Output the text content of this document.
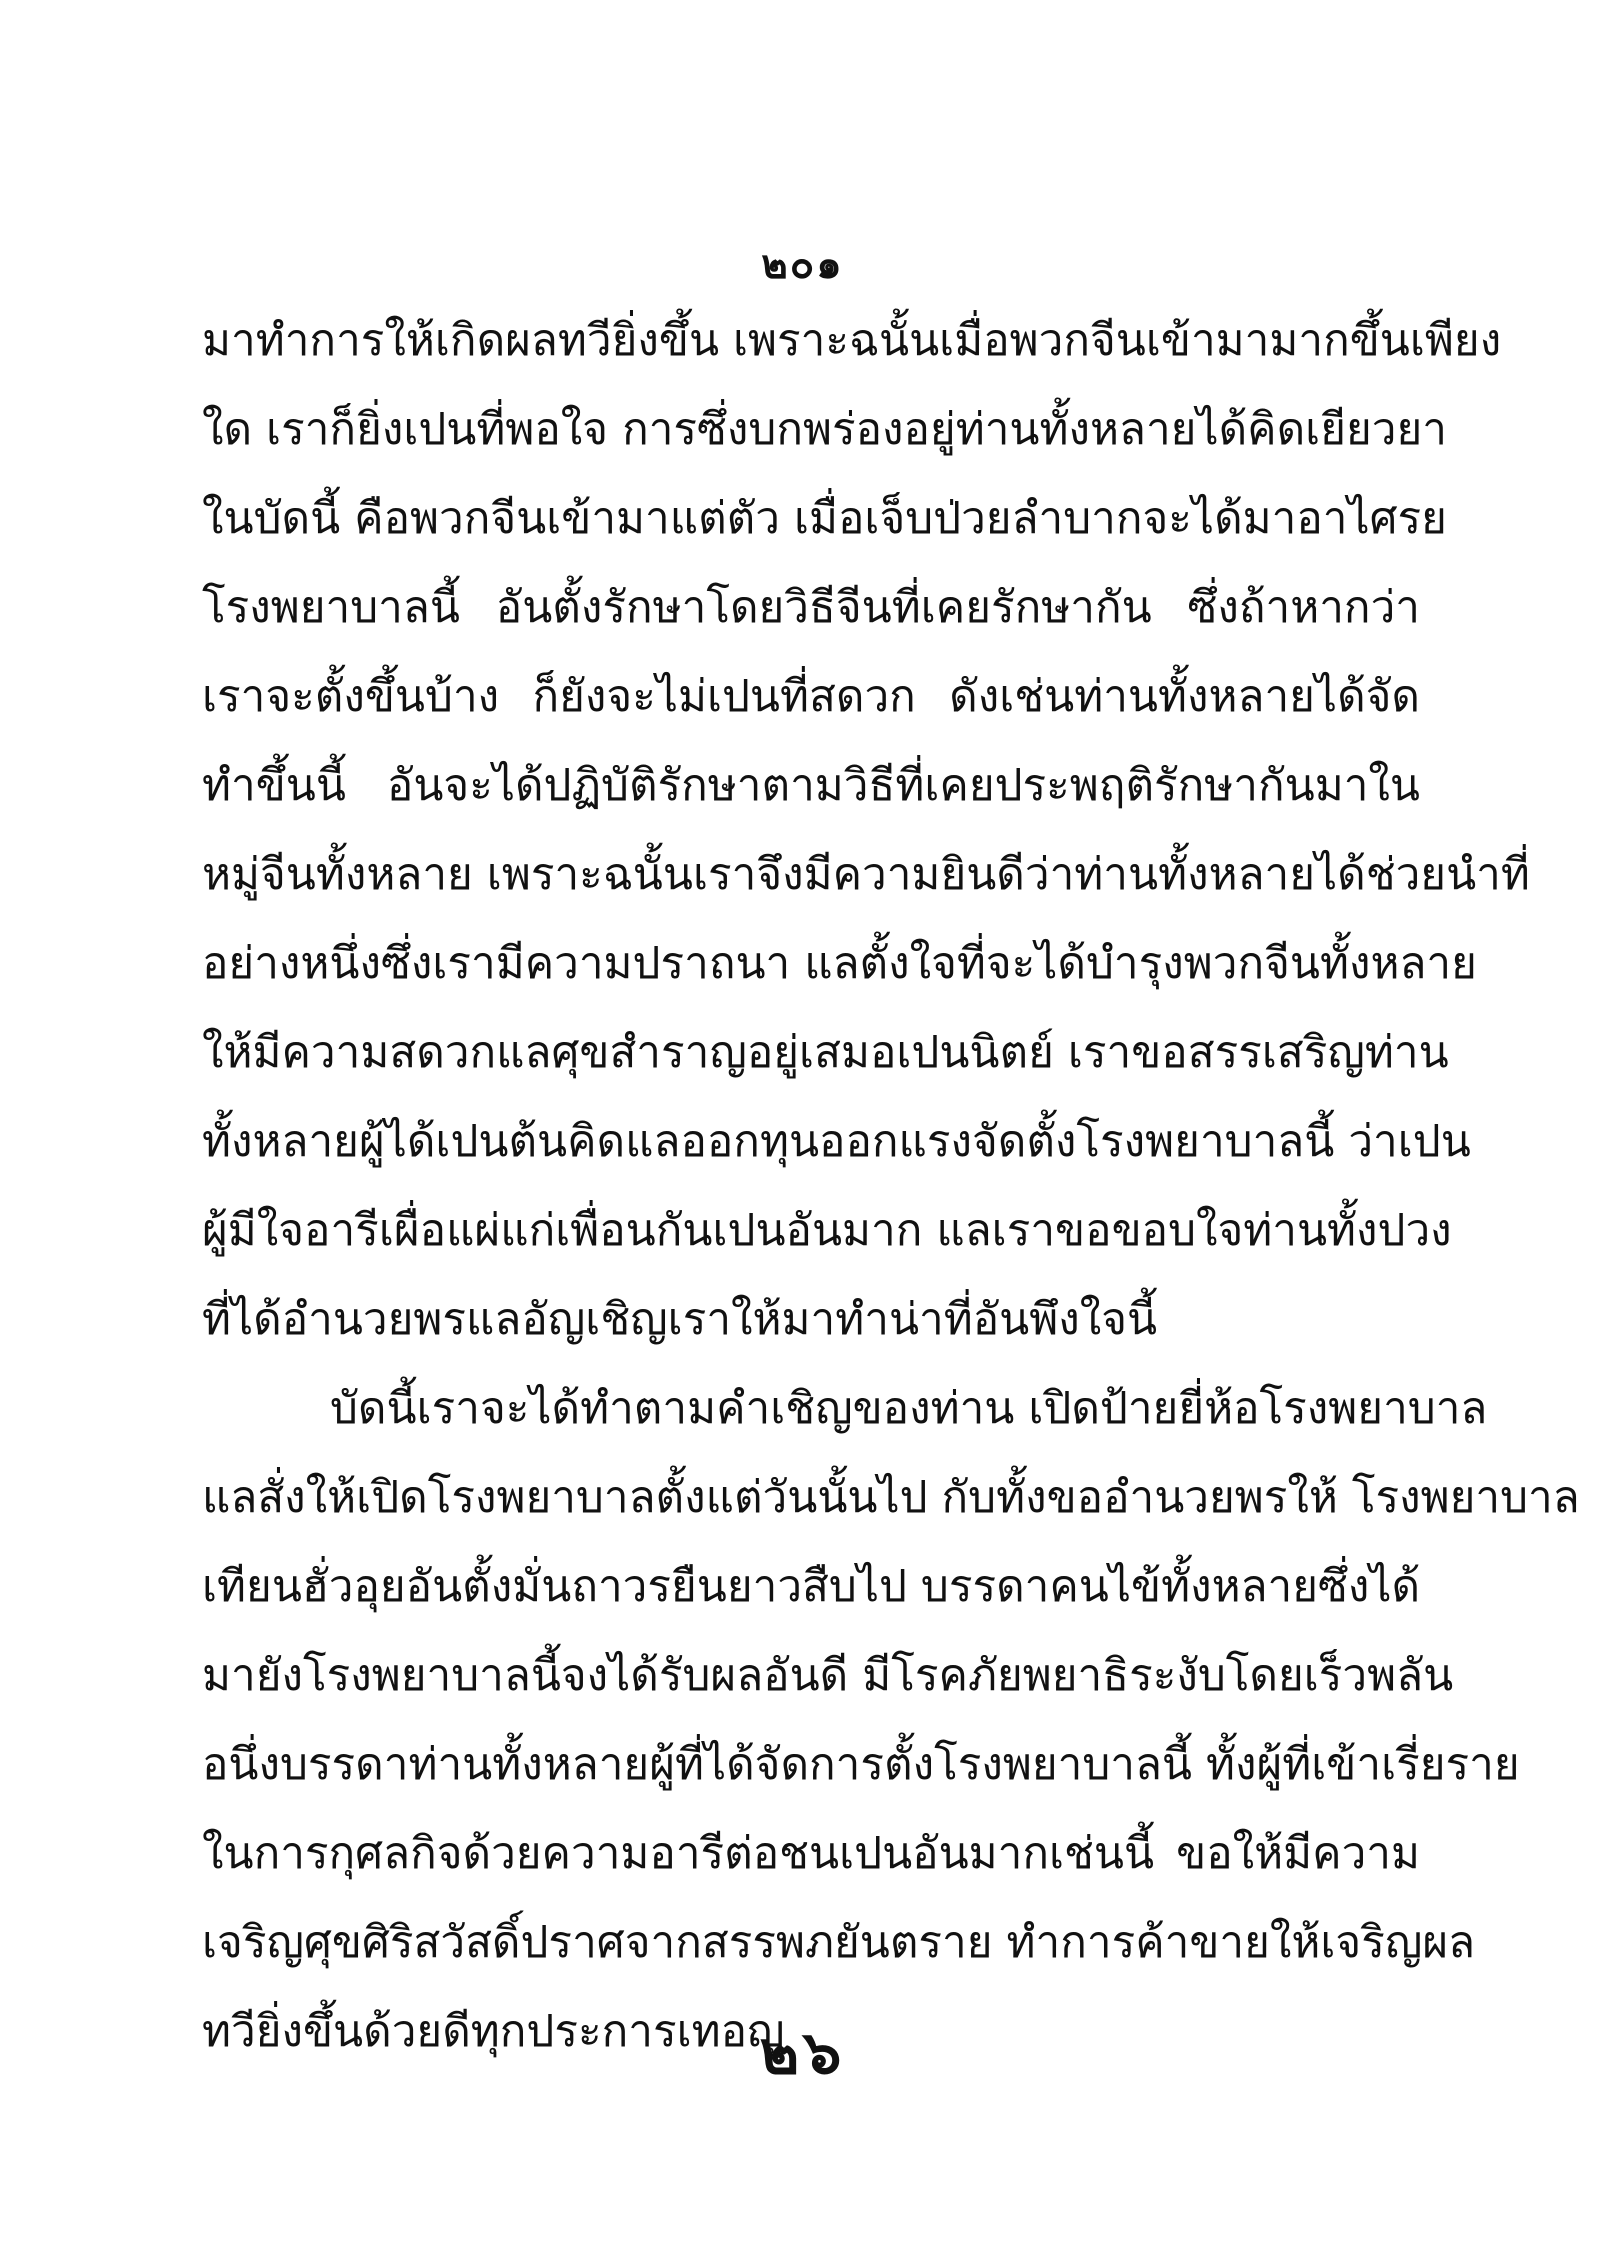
๒๐๑
มาทำการให้เกิดผลทวียิ่งขึ้น เพราะฉนั้นเมื่อพวกจีนเข้ามามากขึ้นเพียง
ใด เราก็ยิ่งเปนที่พอใจ การซึ่งบกพร่องอยู่ท่านทั้งหลายได้คิดเยียวยา
ในบัดนี้ คือพวกจีนเข้ามาแต่ตัว เมื่อเจ็บป่วยลำบากจะได้มาอาไศรย
โรงพยาบาลนี้ อันตั้งรักษาโดยวิธีจีนที่เคยรักษากัน ซึ่งถ้าหากว่า
เราจะตั้งขึ้นบ้าง ก็ยังจะไม่เปนที่สดวก ดังเช่นท่านทั้งหลายได้จัด
ทำขึ้นนี้ อันจะได้ปฏิบัติรักษาตามวิธีที่เคยประพฤติรักษากันมาใน
หมู่จีนทั้งหลาย เพราะฉนั้นเราจึงมีความยินดีว่าท่านทั้งหลายได้ช่วยนำที่
อย่างหนึ่งซึ่งเรามีความปราถนา แลตั้งใจที่จะได้บำรุงพวกจีนทั้งหลาย
ให้มีความสดวกแลศุขสำราญอยู่เสมอเปนนิตย์ เราขอสรรเสริญท่าน
ทั้งหลายผู้ได้เปนต้นคิดแลออกทุนออกแรงจัดตั้งโรงพยาบาลนี้ ว่าเปน
ผู้มีใจอารีเผื่อแผ่แก่เพื่อนกันเปนอันมาก แลเราขอขอบใจท่านทั้งปวง
ที่ได้อำนวยพรแลอัญเชิญเราให้มาทำน่าที่อันพึงใจนี้
บัดนี้เราจะได้ทำตามคำเชิญของท่าน เปิดป้ายยี่ห้อโรงพยาบาล
แลสั่งให้เปิดโรงพยาบาลตั้งแต่วันนั้นไป กับทั้งขออำนวยพรให้ โรงพยาบาล
เทียนฮั่วอุยอันตั้งมั่นถาวรยืนยาวสืบไป บรรดาคนไข้ทั้งหลายซึ่งได้
มายังโรงพยาบาลนี้จงได้รับผลอันดี มีโรคภัยพยาธิระงับโดยเร็วพลัน
อนึ่งบรรดาท่านทั้งหลายผู้ที่ได้จัดการตั้งโรงพยาบาลนี้ ทั้งผู้ที่เข้าเรี่ยราย
ในการกุศลกิจด้วยความอารีต่อชนเปนอันมากเช่นนี้ ขอให้มีความ
เจริญศุขศิริสวัสดิ์ปราศจากสรรพภยันตราย ทำการค้าขายให้เจริญผล
ทวียิ่งขึ้นด้วยดีทุกประการเทอญ
๒๖
